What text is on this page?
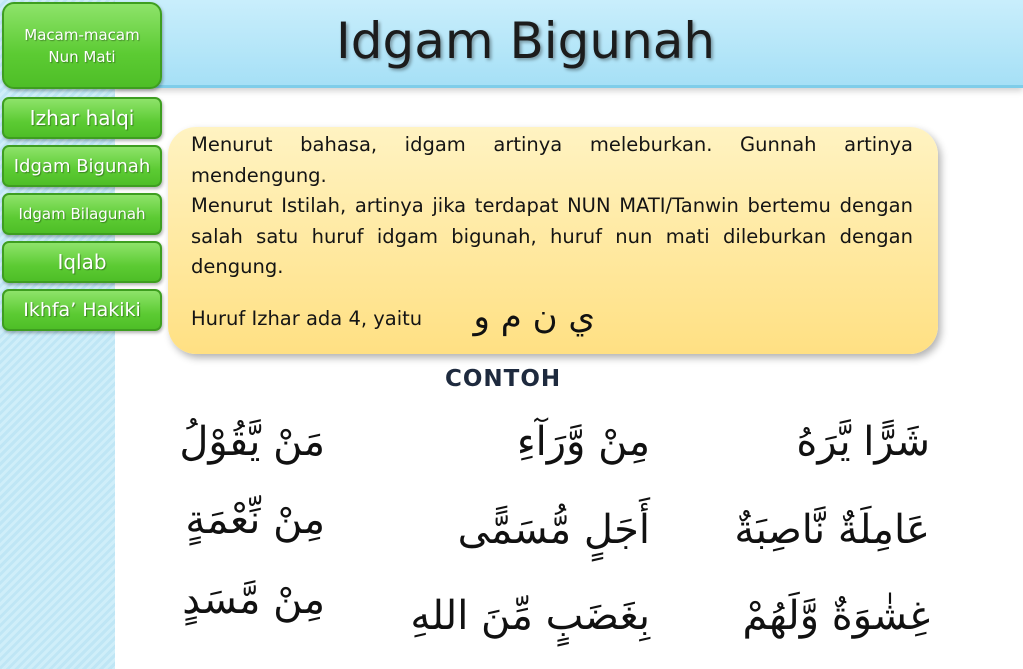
Idgam Bigunah
Macam-macam
Nun Mati
Izhar halqi
Idgam Bigunah
Idgam Bilagunah
Iqlab
Ikhfa’ Hakiki

Menurut bahasa, idgam artinya meleburkan. Gunnah artinya mendengung.

Menurut Istilah, artinya jika terdapat NUN MATI/Tanwin bertemu dengan salah satu huruf idgam bigunah, huruf nun mati dileburkan dengan dengung.

Huruf Izhar ada 4, yaitu	ي ن م و
CONTOH
شَرًّا يَّرَهُ
مِنْ وَّرَآءِ
مَنْ يَّقُوْلُ
عَامِلَةٌ نَّاصِبَةٌ
أَجَلٍ مُّسَمًّى
مِنْ نِّعْمَةٍ
غِشٰوَةٌ وَّلَهُمْ
بِغَضَبٍ مِّنَ اللهِ
مِنْ مَّسَدٍ
